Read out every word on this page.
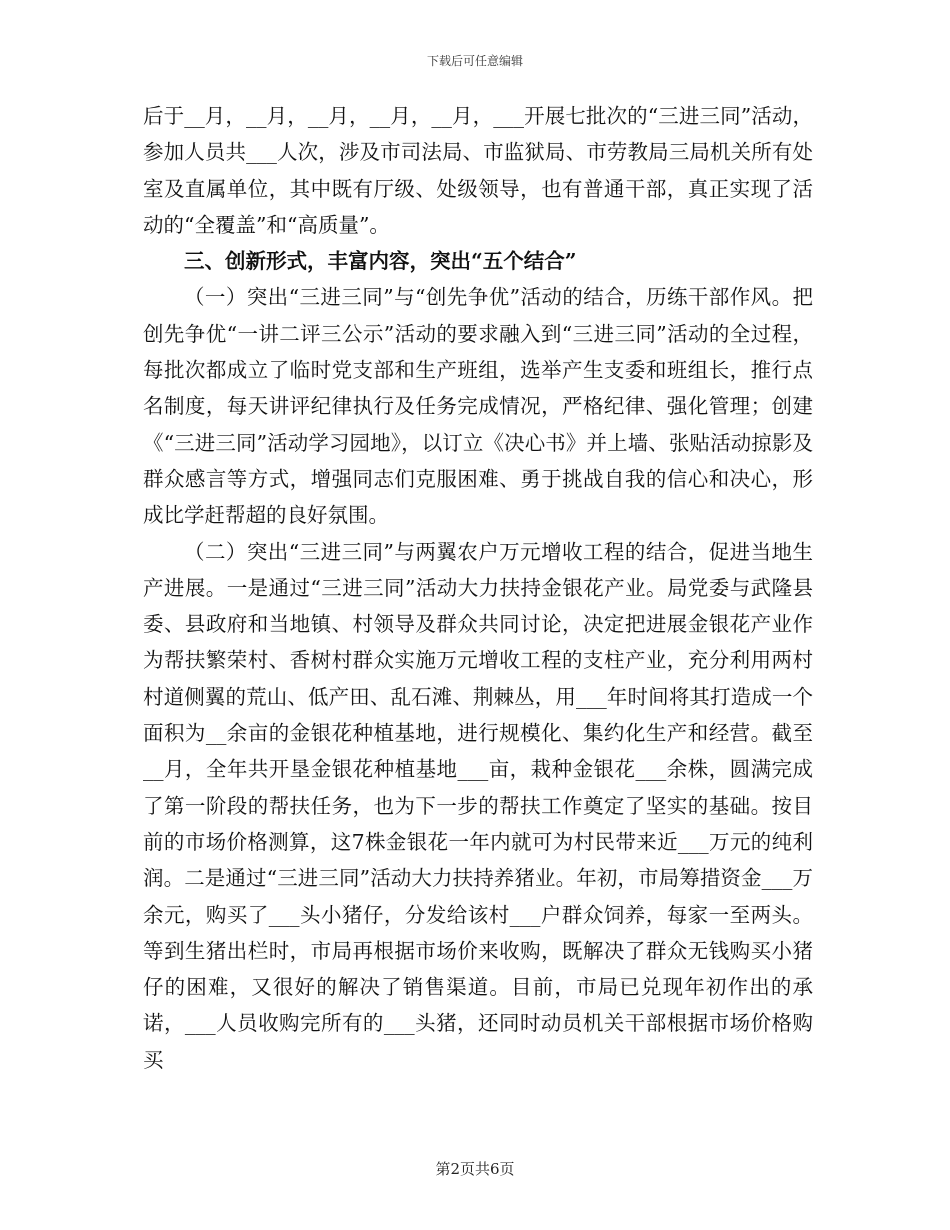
下载后可任意编辑

后于__月，__月，__月，__月，__月，___开展七批次的“三进三同”活动，参加人员共___人次，涉及市司法局、市监狱局、市劳教局三局机关所有处室及直属单位，其中既有厅级、处级领导，也有普通干部，真正实现了活动的“全覆盖”和“高质量”。

三、创新形式，丰富内容，突出“五个结合”

（一）突出“三进三同”与“创先争优”活动的结合，历练干部作风。把创先争优“一讲二评三公示”活动的要求融入到“三进三同”活动的全过程，每批次都成立了临时党支部和生产班组，选举产生支委和班组长，推行点名制度，每天讲评纪律执行及任务完成情况，严格纪律、强化管理；创建《“三进三同”活动学习园地》，以订立《决心书》并上墙、张贴活动掠影及群众感言等方式，增强同志们克服困难、勇于挑战自我的信心和决心，形成比学赶帮超的良好氛围。

（二）突出“三进三同”与两翼农户万元增收工程的结合，促进当地生产进展。一是通过“三进三同”活动大力扶持金银花产业。局党委与武隆县委、县政府和当地镇、村领导及群众共同讨论，决定把进展金银花产业作为帮扶繁荣村、香树村群众实施万元增收工程的支柱产业，充分利用两村村道侧翼的荒山、低产田、乱石滩、荆棘丛，用___年时间将其打造成一个面积为__余亩的金银花种植基地，进行规模化、集约化生产和经营。截至__月，全年共开垦金银花种植基地___亩，栽种金银花___余株，圆满完成了第一阶段的帮扶任务，也为下一步的帮扶工作奠定了坚实的基础。按目前的市场价格测算，这7株金银花一年内就可为村民带来近___万元的纯利润。二是通过“三进三同”活动大力扶持养猪业。年初，市局筹措资金___万余元，购买了___头小猪仔，分发给该村___户群众饲养，每家一至两头。等到生猪出栏时，市局再根据市场价来收购，既解决了群众无钱购买小猪仔的困难，又很好的解决了销售渠道。目前，市局已兑现年初作出的承诺，___人员收购完所有的___头猪，还同时动员机关干部根据市场价格购买

第2页共6页
